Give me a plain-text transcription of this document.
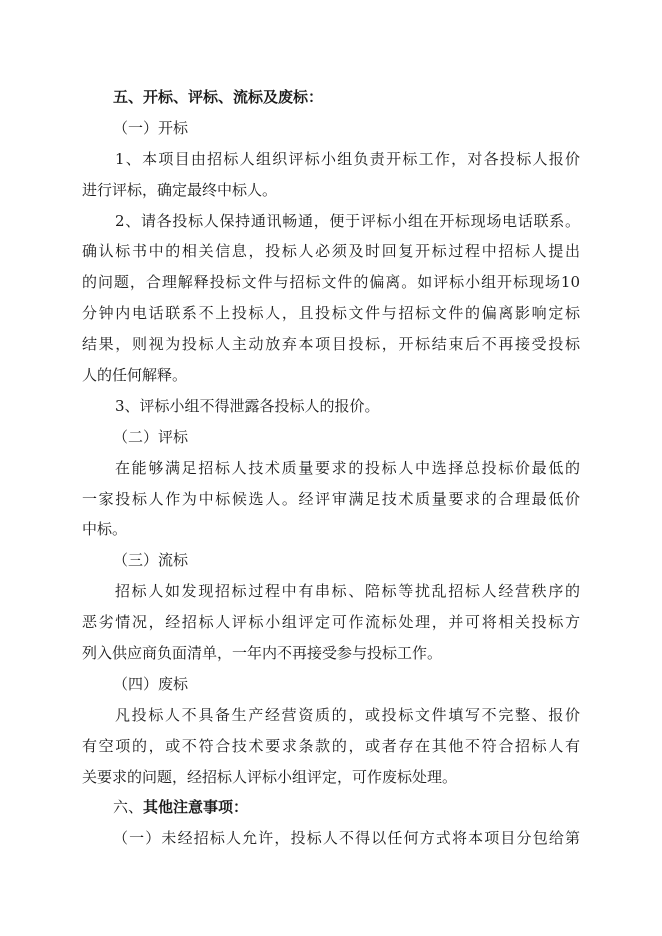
五、开标、评标、流标及废标：
（一）开标
1、本项目由招标人组织评标小组负责开标工作，对各投标人报价
进行评标，确定最终中标人。
2、请各投标人保持通讯畅通，便于评标小组在开标现场电话联系。
确认标书中的相关信息，投标人必须及时回复开标过程中招标人提出
的问题，合理解释投标文件与招标文件的偏离。如评标小组开标现场10
分钟内电话联系不上投标人，且投标文件与招标文件的偏离影响定标
结果，则视为投标人主动放弃本项目投标，开标结束后不再接受投标
人的任何解释。
3、评标小组不得泄露各投标人的报价。
（二）评标
在能够满足招标人技术质量要求的投标人中选择总投标价最低的
一家投标人作为中标候选人。经评审满足技术质量要求的合理最低价
中标。
（三）流标
招标人如发现招标过程中有串标、陪标等扰乱招标人经营秩序的
恶劣情况，经招标人评标小组评定可作流标处理，并可将相关投标方
列入供应商负面清单，一年内不再接受参与投标工作。
（四）废标
凡投标人不具备生产经营资质的，或投标文件填写不完整、报价
有空项的，或不符合技术要求条款的，或者存在其他不符合招标人有
关要求的问题，经招标人评标小组评定，可作废标处理。
六、其他注意事项：
（一）未经招标人允许，投标人不得以任何方式将本项目分包给第
